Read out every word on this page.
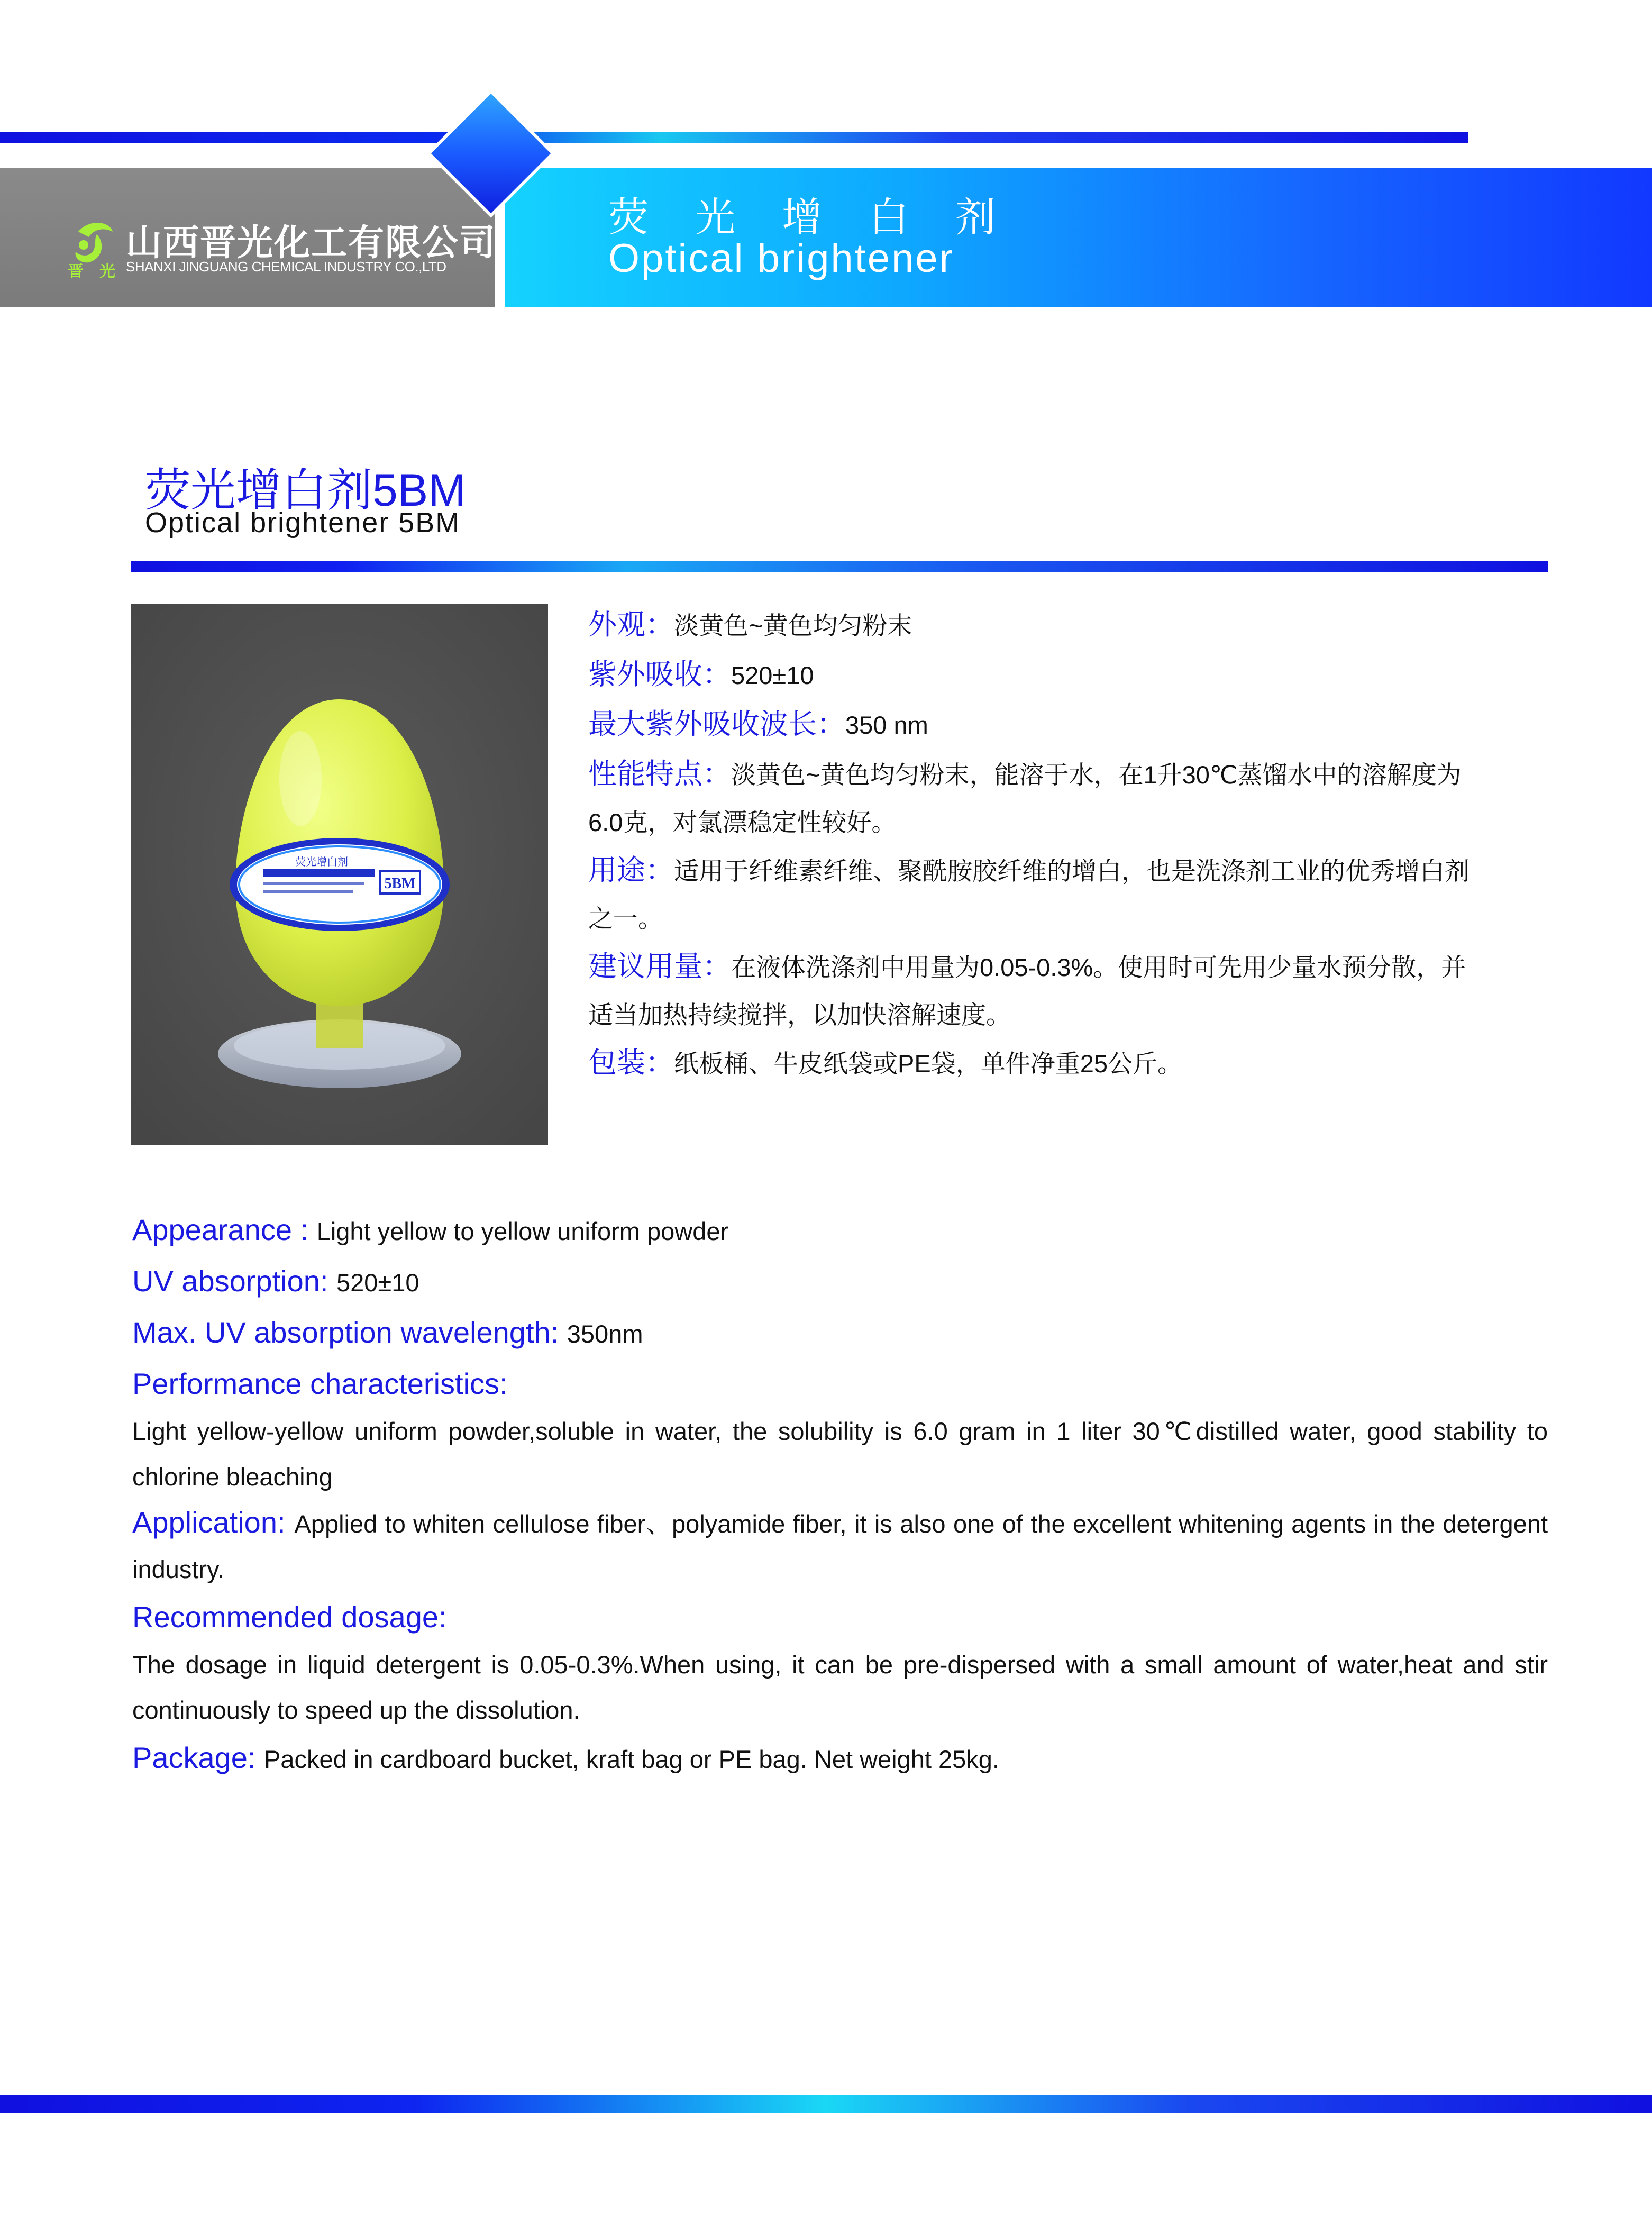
山西晋光化工有限公司
晋光
SHANXI JINGUANG CHEMICAL INDUSTRY CO.,LTD
荧光增白剂
Optical brightener
荧光增白剂5BM
Optical brightener 5BM
5BM
荧光增白剂
外观：淡黄色~黄色均匀粉末
紫外吸收：520±10
最大紫外吸收波长：350 nm
性能特点：淡黄色~黄色均匀粉末，能溶于水，在1升30℃蒸馏水中的溶解度为
6.0克，对氯漂稳定性较好。
用途：适用于纤维素纤维、聚酰胺胶纤维的增白，也是洗涤剂工业的优秀增白剂
之一。
建议用量：在液体洗涤剂中用量为0.05-0.3%。使用时可先用少量水预分散，并
适当加热持续搅拌，以加快溶解速度。
包装：纸板桶、牛皮纸袋或PE袋，单件净重25公斤。
Appearance : Light yellow to yellow uniform powder
UV absorption: 520±10
Max. UV absorption wavelength: 350nm
Performance characteristics:
Light yellow-yellow uniform powder,soluble in water, the solubility is 6.0 gram in 1 liter 30℃distilled water, good stability to chlorine bleaching
Application: Applied to whiten cellulose fiber、polyamide fiber, it is also one of the excellent whitening agents in the detergent industry.
Recommended dosage:
The dosage in liquid detergent is 0.05-0.3%.When using, it can be pre-dispersed with a small amount of water,heat and stir continuously to speed up the dissolution.
Package: Packed in cardboard bucket, kraft bag or PE bag. Net weight 25kg.
